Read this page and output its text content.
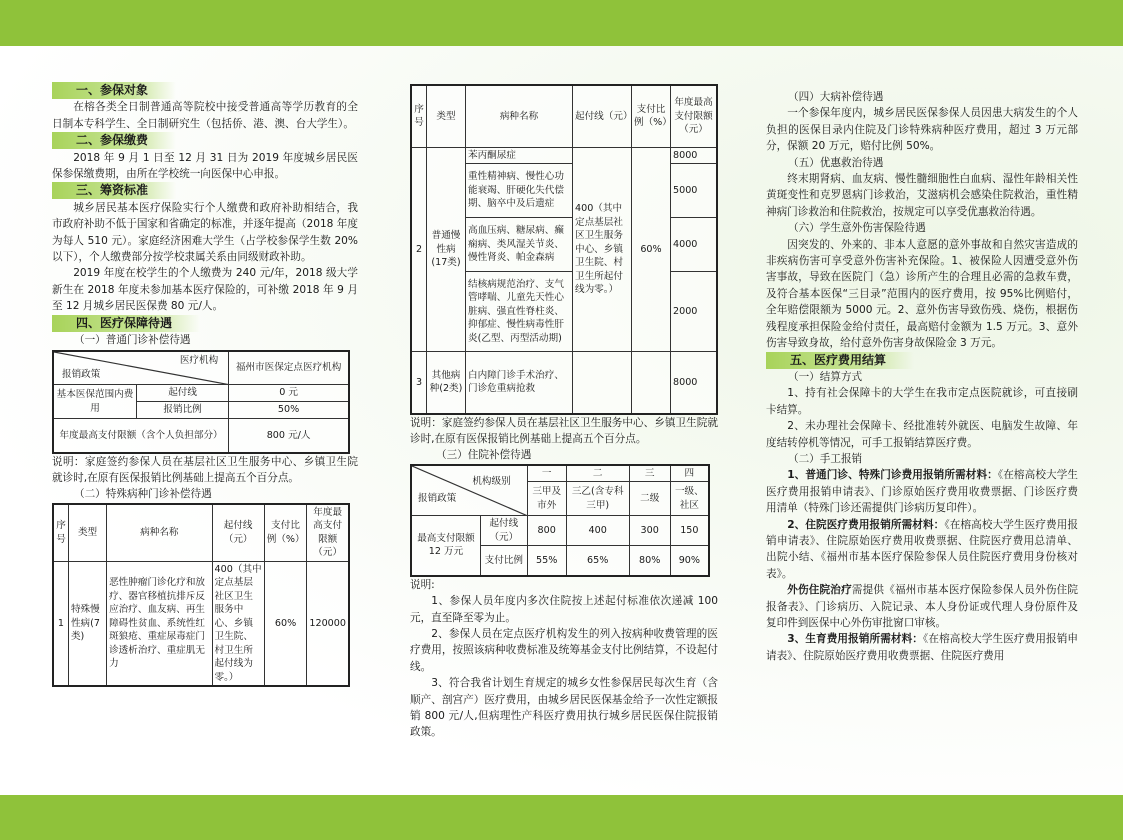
一、参保对象

在榕各类全日制普通高等院校中接受普通高等学历教育的全日制本专科学生、全日制研究生（包括侨、港、澳、台大学生）。

二、参保缴费

2018 年 9 月 1 日至 12 月 31 日为 2019 年度城乡居民医保参保缴费期，由所在学校统一向医保中心申报。

三、筹资标准

城乡居民基本医疗保险实行个人缴费和政府补助相结合，我市政府补助不低于国家和省确定的标准，并逐年提高（2018 年度为每人 510 元）。家庭经济困难大学生（占学校参保学生数 20%以下），个人缴费部分按学校隶属关系由同级财政补助。

2019 年度在校学生的个人缴费为 240 元/年，2018 级大学新生在 2018 年度未参加基本医疗保险的，可补缴 2018 年 9 月至 12 月城乡居民医保费 80 元/人。

四、医疗保障待遇
（一）普通门诊补偿待遇
医疗机构
报销政策		福州市医保定点医疗机构
基本医保范围内费用	起付线	0 元
	报销比例	50%
年度最高支付限额（含个人负担部分）		800 元/人

说明：家庭签约参保人员在基层社区卫生服务中心、乡镇卫生院就诊时,在原有医保报销比例基础上提高五个百分点。

（二）特殊病种门诊补偿待遇
序号	类型	病种名称	起付线（元）	支付比例（%）	年度最高支付限额（元）
1	特殊慢性病(7类)	恶性肿瘤门诊化疗和放疗、器官移植抗排斥反应治疗、血友病、再生障碍性贫血、系统性红斑狼疮、重症尿毒症门诊透析治疗、重症肌无力	400（其中定点基层社区卫生服务中心、乡镇卫生院、村卫生所起付线为零。）	60%	120000
序号	类型	病种名称	起付线（元）	支付比例（%）	年度最高支付限额（元）
2	普通慢性病(17类)	苯丙酮尿症	400（其中定点基层社区卫生服务中心、乡镇卫生院、村卫生所起付线为零。）	60%	8000
		重性精神病、慢性心功能衰竭、肝硬化失代偿期、脑卒中及后遗症			5000
		高血压病、糖尿病、癫痫病、类风湿关节炎、慢性肾炎、帕金森病			4000
		结核病规范治疗、支气管哮喘、儿童先天性心脏病、强直性脊柱炎、抑郁症、慢性病毒性肝炎(乙型、丙型活动期)			2000
3	其他病种(2类)	白内障门诊手术治疗、门诊危重病抢救			8000

说明：家庭签约参保人员在基层社区卫生服务中心、乡镇卫生院就诊时,在原有医保报销比例基础上提高五个百分点。

（三）住院补偿待遇
机构级别
报销政策		一	二	三	四
		三甲及市外	三乙(含专科三甲)	二级	一级、社区
最高支付限额 12 万元	起付线（元）	800	400	300	150
	支付比例	55%	65%	80%	90%

说明:

1、参保人员年度内多次住院按上述起付标准依次递减 100 元，直至降至零为止。

2、参保人员在定点医疗机构发生的列入按病种收费管理的医疗费用，按照该病种收费标准及统筹基金支付比例结算，不设起付线。

3、符合我省计划生育规定的城乡女性参保居民每次生育（含顺产、剖宫产）医疗费用，由城乡居民医保基金给予一次性定额报销 800 元/人,但病理性产科医疗费用执行城乡居民医保住院报销政策。

（四）大病补偿待遇

一个参保年度内，城乡居民医保参保人员因患大病发生的个人负担的医保目录内住院及门诊特殊病种医疗费用，超过 3 万元部分，保额 20 万元，赔付比例 50%。

（五）优惠救治待遇

终末期肾病、血友病、慢性髓细胞性白血病、湿性年龄相关性黄斑变性和克罗恩病门诊救治，艾滋病机会感染住院救治，重性精神病门诊救治和住院救治，按规定可以享受优惠救治待遇。

（六）学生意外伤害保险待遇

因突发的、外来的、非本人意愿的意外事故和自然灾害造成的非疾病伤害可享受意外伤害补充保险。1、被保险人因遭受意外伤害事故，导致在医院门（急）诊所产生的合理且必需的急救车费，及符合基本医保“三目录”范围内的医疗费用，按 95%比例赔付，全年赔偿限额为 5000 元。2、意外伤害导致伤残、烧伤，根据伤残程度承担保险金给付责任，最高赔付金额为 1.5 万元。3、意外伤害导致身故，给付意外伤害身故保险金 3 万元。

五、医疗费用结算
（一）结算方式

1、持有社会保障卡的大学生在我市定点医院就诊，可直接刷卡结算。

2、未办理社会保障卡、经批准转外就医、电脑发生故障、年度结转停机等情况，可手工报销结算医疗费。

（二）手工报销

1、普通门诊、特殊门诊费用报销所需材料：《在榕高校大学生医疗费用报销申请表》、门诊原始医疗费用收费票据、门诊医疗费用清单（特殊门诊还需提供门诊病历复印件）。

2、住院医疗费用报销所需材料：《在榕高校大学生医疗费用报销申请表》、住院原始医疗费用收费票据、住院医疗费用总清单、出院小结、《福州市基本医疗保险参保人员住院医疗费用身份核对表》。

外伤住院治疗需提供《福州市基本医疗保险参保人员外伤住院报备表》、门诊病历、入院记录、本人身份证或代理人身份原件及复印件到医保中心外伤审批窗口审核。

3、生育费用报销所需材料：《在榕高校大学生医疗费用报销申请表》、住院原始医疗费用收费票据、住院医疗费用
